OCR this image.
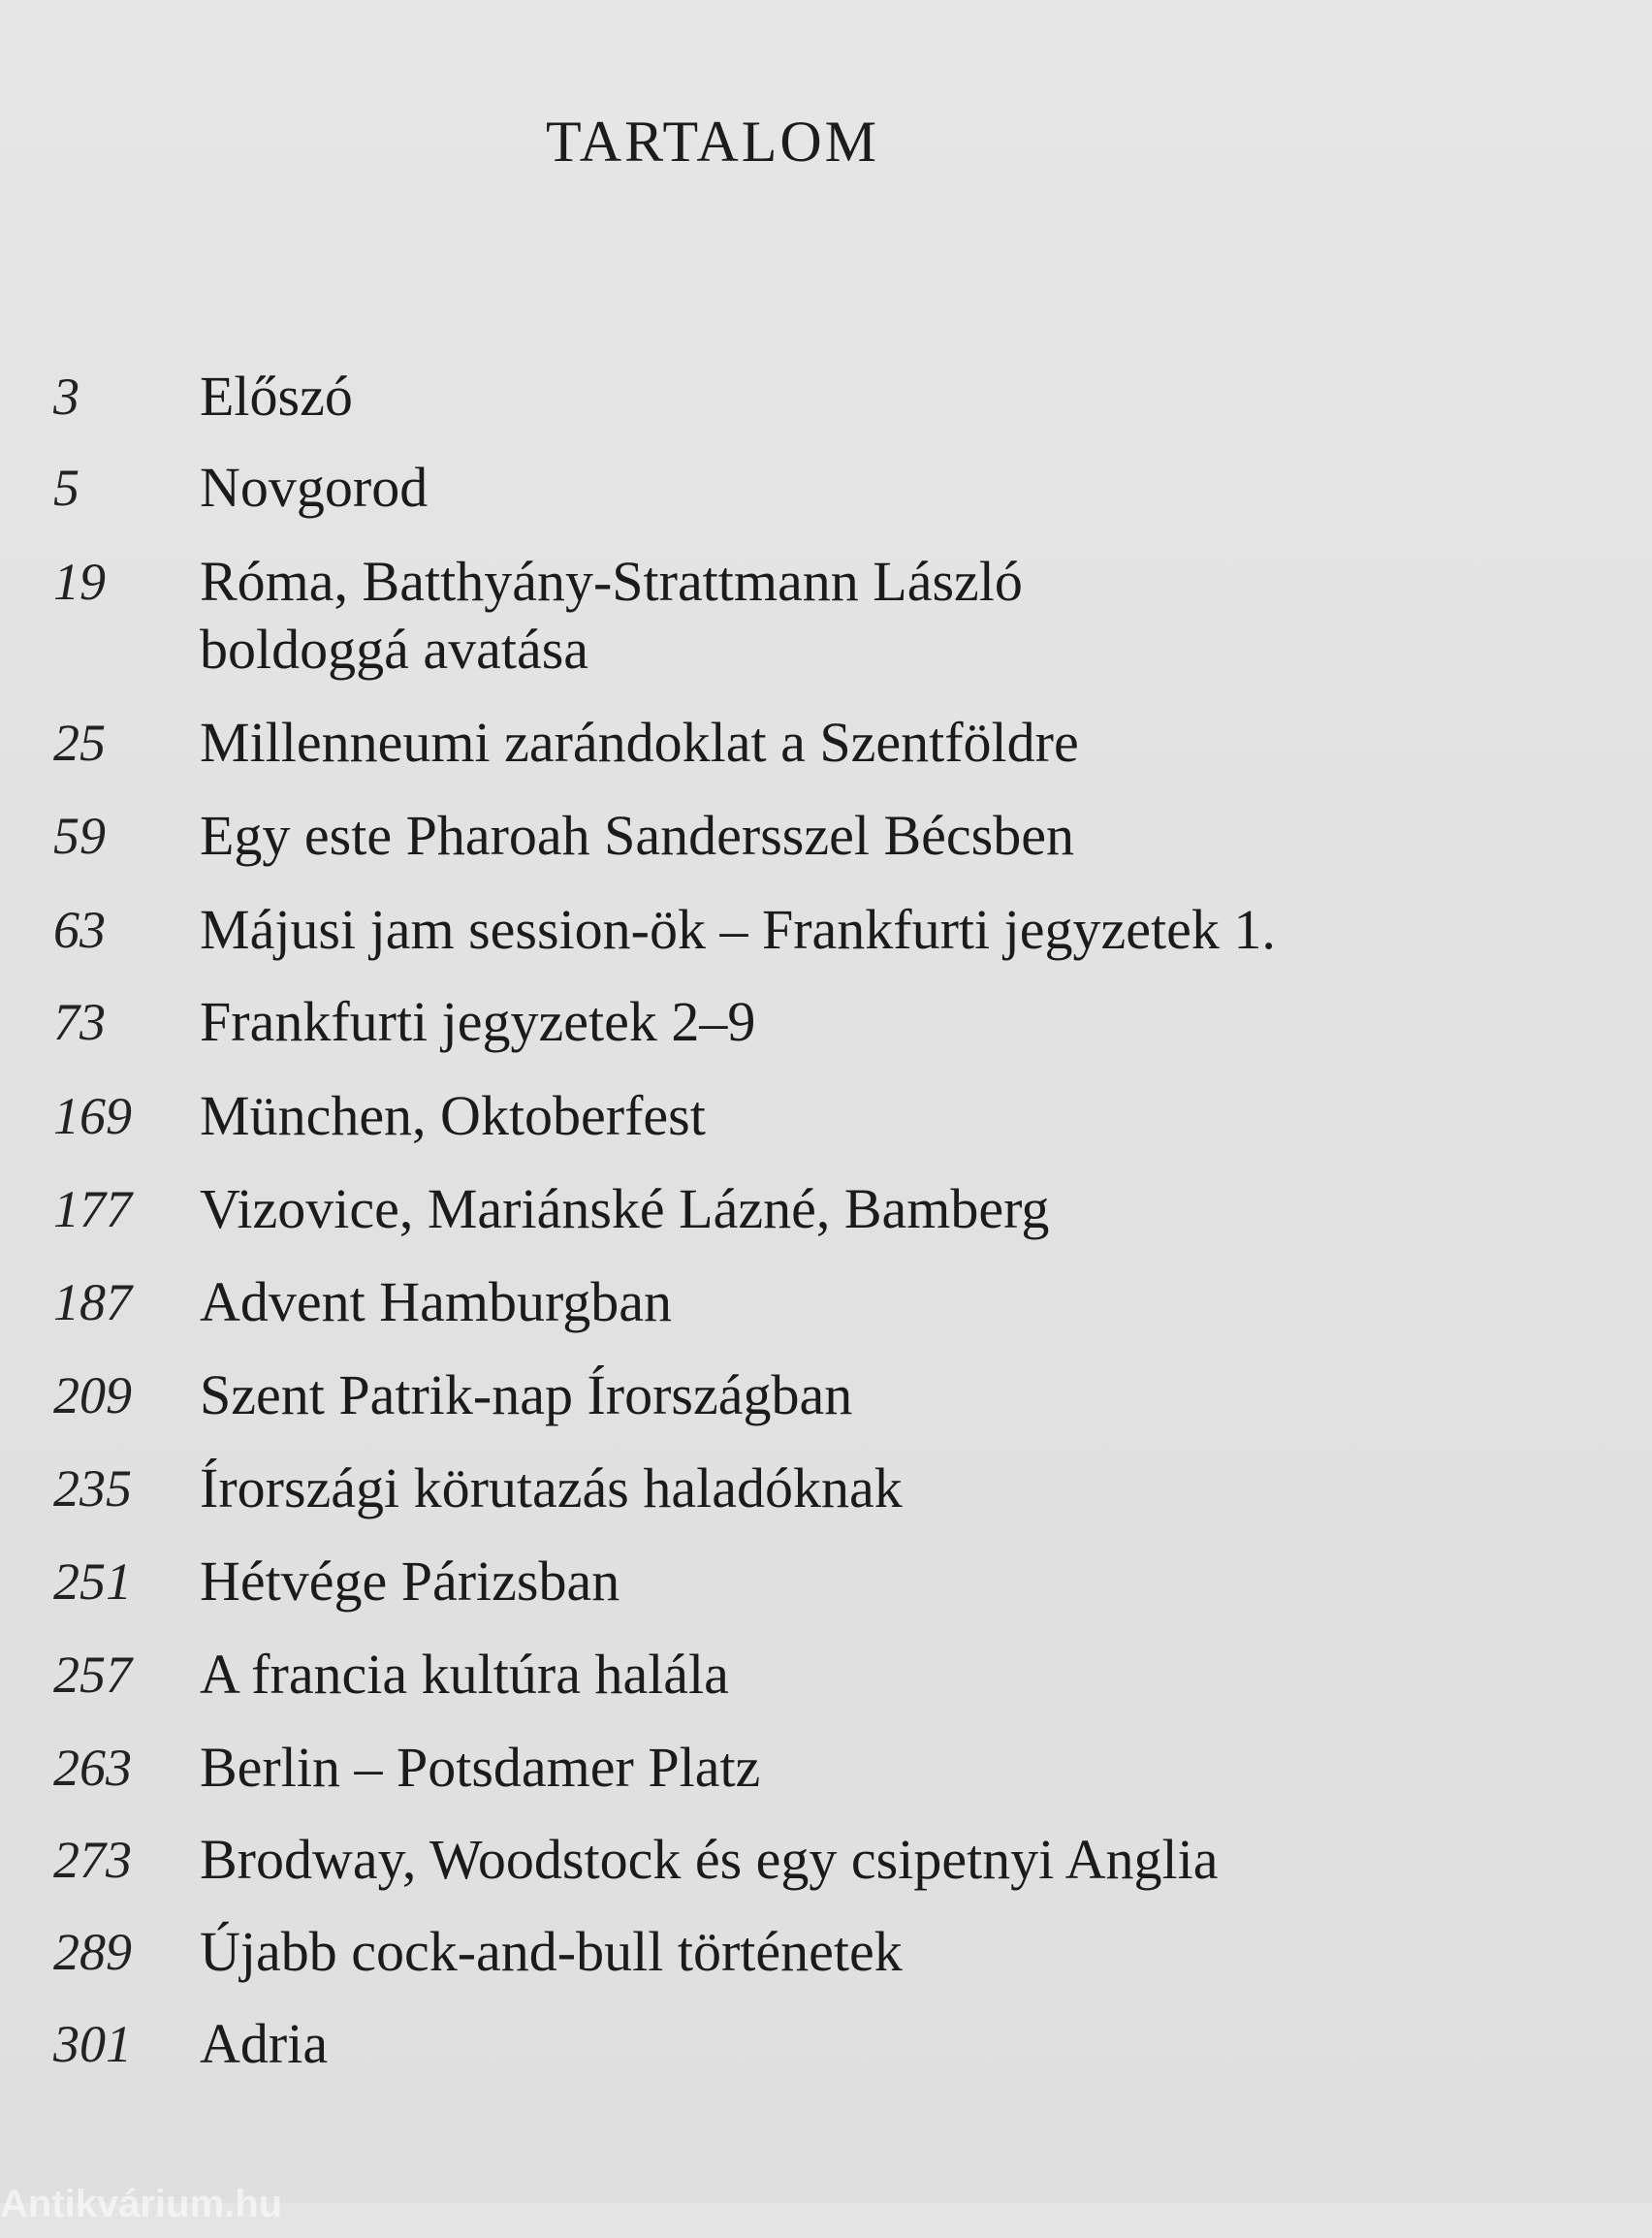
TARTALOM
3 Előszó
5 Novgorod
19 Róma, Batthyány-Strattmann László
boldoggá avatása
25 Millenneumi zarándoklat a Szentföldre
59 Egy este Pharoah Sandersszel Bécsben
63 Májusi jam session-ök – Frankfurti jegyzetek 1.
73 Frankfurti jegyzetek 2–9
169 München, Oktoberfest
177 Vizovice, Mariánské Lázné, Bamberg
187 Advent Hamburgban
209 Szent Patrik-nap Írországban
235 Írországi körutazás haladóknak
251 Hétvége Párizsban
257 A francia kultúra halála
263 Berlin – Potsdamer Platz
273 Brodway, Woodstock és egy csipetnyi Anglia
289 Újabb cock-and-bull történetek
301 Adria
Antikvárium.hu
